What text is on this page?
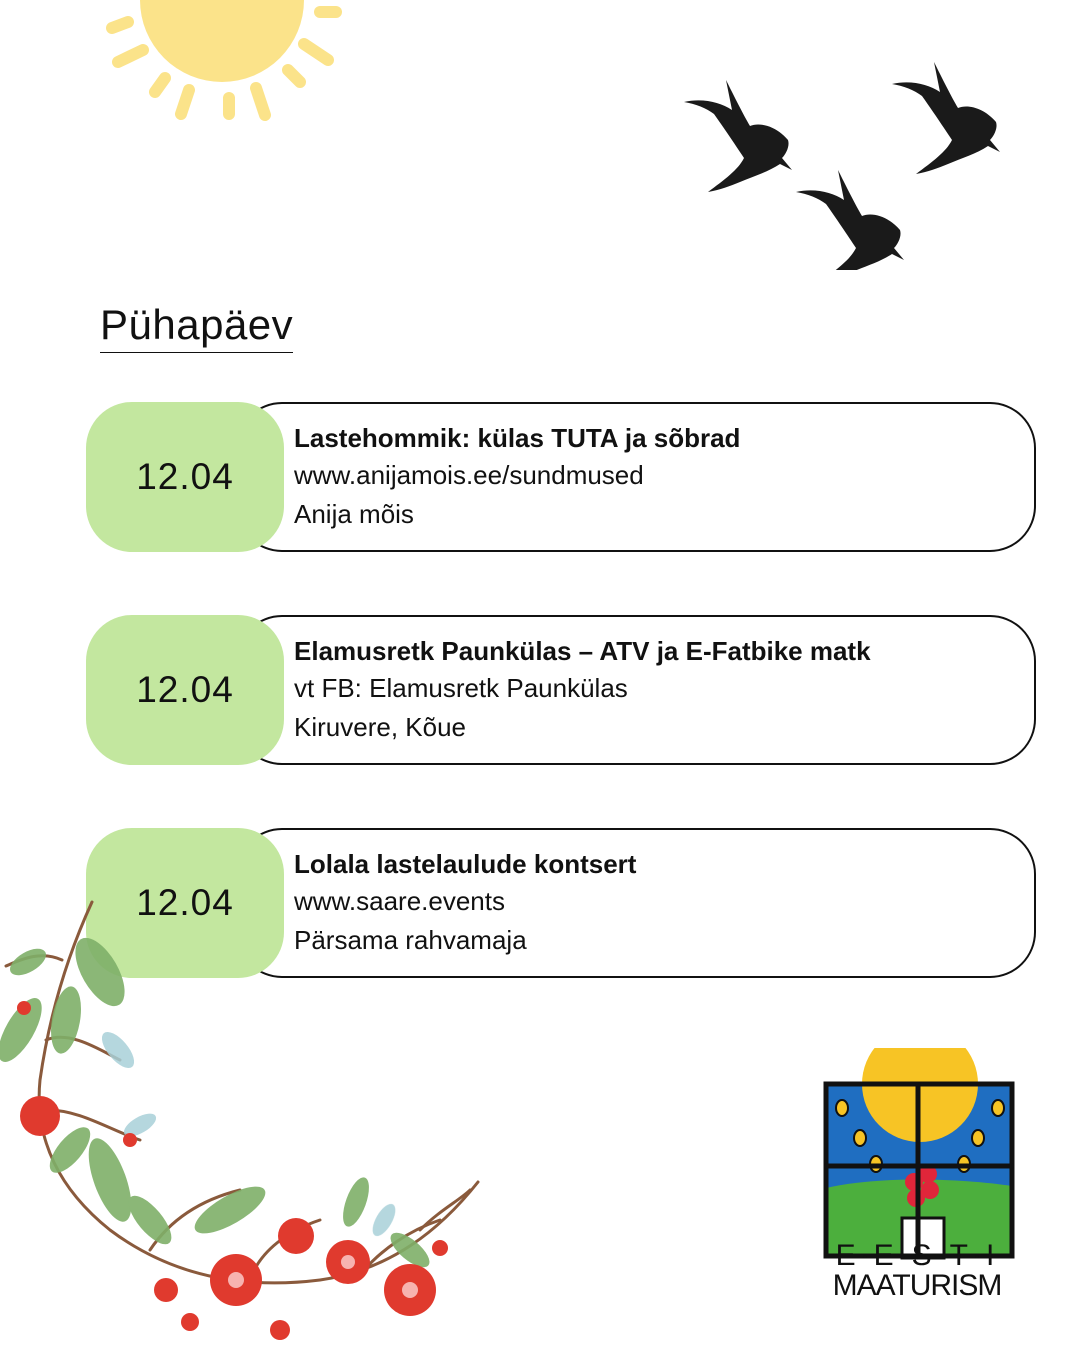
Pühapäev
12.04
Lastehommik: külas TUTA ja sõbrad
www.anijamois.ee/sundmused
Anija mõis
12.04
Elamusretk Paunkülas – ATV ja E-Fatbike matk
vt FB: Elamusretk Paunkülas
Kiruvere, Kõue
12.04
Lolala lastelaulude kontsert
www.saare.events
Pärsama rahvamaja
E·E·S·T·I
MAATURISM
